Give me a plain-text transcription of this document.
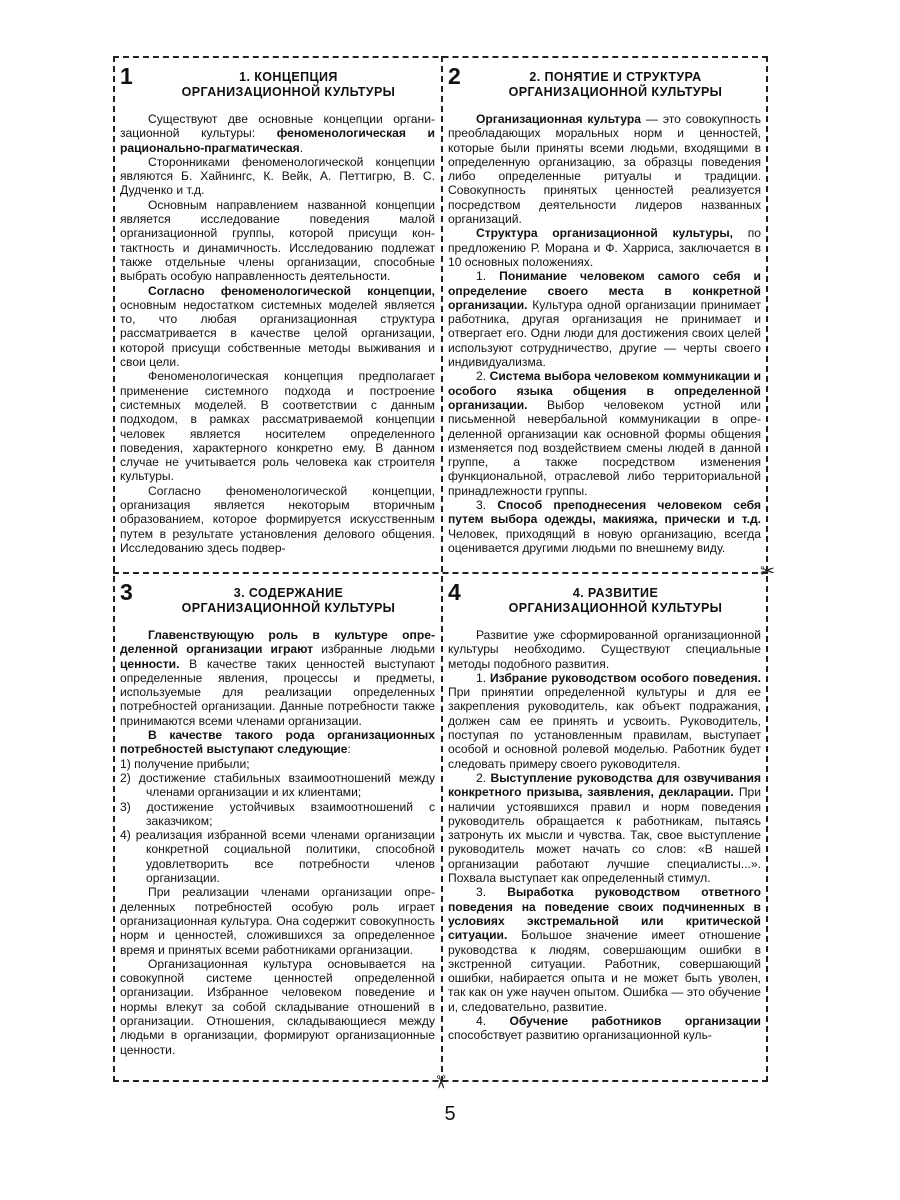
✂
✂
1	1. КОНЦЕПЦИЯ
ОРГАНИЗАЦИОННОЙ КУЛЬТУРЫ

Существуют две основные концепции организационной культуры: феноменологическая и рационально-прагматическая.

Сторонниками феноменологической концепции являются Б. Хайнингс, К. Вейк, А. Петтигрю, В. С. Дудченко и т.д.

Основным направлением названной концепции является исследование поведения малой организационной группы, которой присущи контактность и динамичность. Исследованию подлежат также отдельные члены организации, способные выбрать особую направленность деятельности.

Согласно феноменологической концепции, основным недостатком системных моделей является то, что любая организационная структура рассматривается в качестве целой организации, которой присущи собственные методы выживания и свои цели.

Феноменологическая концепция предполагает применение системного подхода и построение системных моделей. В соответствии с данным подходом, в рамках рассматриваемой концепции человек является носителем определенного поведения, характерного конкретно ему. В данном случае не учитывается роль человека как строителя культуры.

Согласно феноменологической концепции, организация является некоторым вторичным образованием, которое формируется искусственным путем в результате установления делового общения. Исследованию здесь подвер-

2	2. ПОНЯТИЕ И СТРУКТУРА
ОРГАНИЗАЦИОННОЙ КУЛЬТУРЫ

Организационная культура — это совокупность преобладающих моральных норм и ценностей, которые были приняты всеми людьми, входящими в определенную организацию, за образцы поведения либо определенные ритуалы и традиции. Совокупность принятых ценностей реализуется посредством деятельности лидеров названных организаций.

Структура организационной культуры, по предложению Р. Морана и Ф. Харриса, заключается в 10 основных положениях.

1. Понимание человеком самого себя и определение своего места в конкретной организации. Культура одной организации принимает работника, другая организация не принимает и отвергает его. Одни люди для достижения своих целей используют сотрудничество, другие — черты своего индивидуализма.

2. Система выбора человеком коммуникации и особого языка общения в определенной организации. Выбор человеком устной или письменной невербальной коммуникации в определенной организации как основной формы общения изменяется под воздействием смены людей в данной группе, а также посредством изменения функциональной, отраслевой либо территориальной принадлежности группы.

3. Способ преподнесения человеком себя путем выбора одежды, макияжа, прически и т.д. Человек, приходящий в новую организацию, всегда оценивается другими людьми по внешнему виду.

3	3. СОДЕРЖАНИЕ
ОРГАНИЗАЦИОННОЙ КУЛЬТУРЫ

Главенствующую роль в культуре определенной организации играют избранные людьми ценности. В качестве таких ценностей выступают определенные явления, процессы и предметы, используемые для реализации определенных потребностей организации. Данные потребности также принимаются всеми членами организации.

В качестве такого рода организационных потребностей выступают следующие:

1) получение прибыли;
2) достижение стабильных взаимоотношений между членами организации и их клиентами;
3) достижение устойчивых взаимоотношений с заказчиком;
4) реализация избранной всеми членами организации конкретной социальной политики, способной удовлетворить все потребности членов организации.

При реализации членами организации определенных потребностей особую роль играет организационная культура. Она содержит совокупность норм и ценностей, сложившихся за определенное время и принятых всеми работниками организации.

Организационная культура основывается на совокупной системе ценностей определенной организации. Избранное человеком поведение и нормы влекут за собой складывание отношений в организации. Отношения, складывающиеся между людьми в организации, формируют организационные ценности.

4	4. РАЗВИТИЕ
ОРГАНИЗАЦИОННОЙ КУЛЬТУРЫ

Развитие уже сформированной организационной культуры необходимо. Существуют специальные методы подобного развития.

1. Избрание руководством особого поведения. При принятии определенной культуры и для ее закрепления руководитель, как объект подражания, должен сам ее принять и усвоить. Руководитель, поступая по установленным правилам, выступает особой и основной ролевой моделью. Работник будет следовать примеру своего руководителя.

2. Выступление руководства для озвучивания конкретного призыва, заявления, декларации. При наличии устоявшихся правил и норм поведения руководитель обращается к работникам, пытаясь затронуть их мысли и чувства. Так, свое выступление руководитель может начать со слов: «В нашей организации работают лучшие специалисты...». Похвала выступает как определенный стимул.

3. Выработка руководством ответного поведения на поведение своих подчиненных в условиях экстремальной или критической ситуации. Большое значение имеет отношение руководства к людям, совершающим ошибки в экстренной ситуации. Работник, совершающий ошибки, набирается опыта и не может быть уволен, так как он уже научен опытом. Ошибка — это обучение и, следовательно, развитие.

4. Обучение работников организации способствует развитию организационной куль-

5
